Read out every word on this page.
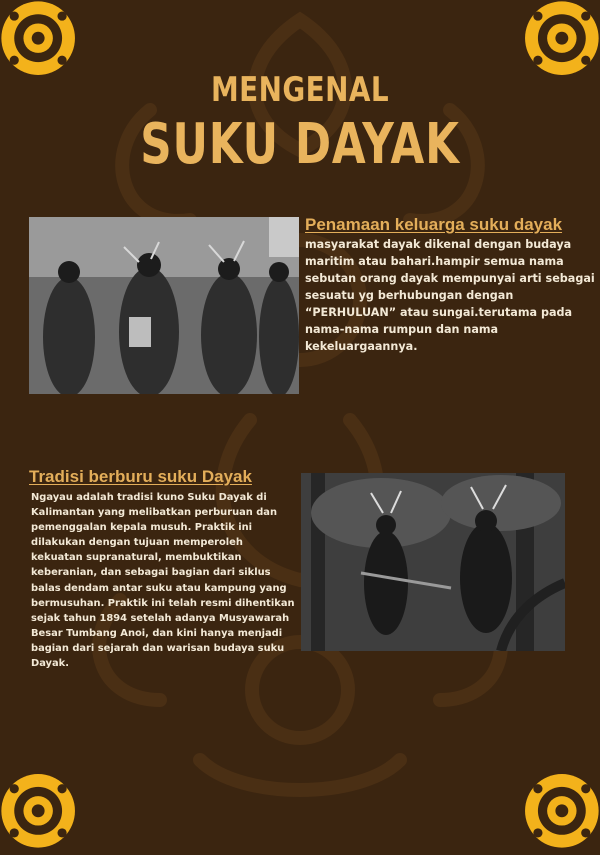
MENGENAL
SUKU DAYAK
Penamaan keluarga suku dayak
masyarakat dayak dikenal dengan budaya maritim atau bahari.hampir semua nama sebutan orang dayak mempunyai arti sebagai sesuatu yg berhubungan dengan “PERHULUAN” atau sungai.terutama pada nama-nama rumpun dan nama kekeluargaannya.
Tradisi berburu suku Dayak
Ngayau adalah tradisi kuno Suku Dayak di Kalimantan yang melibatkan perburuan dan pemenggalan kepala musuh. Praktik ini dilakukan dengan tujuan memperoleh kekuatan supranatural, membuktikan keberanian, dan sebagai bagian dari siklus balas dendam antar suku atau kampung yang bermusuhan. Praktik ini telah resmi dihentikan sejak tahun 1894 setelah adanya Musyawarah Besar Tumbang Anoi, dan kini hanya menjadi bagian dari sejarah dan warisan budaya suku Dayak.
